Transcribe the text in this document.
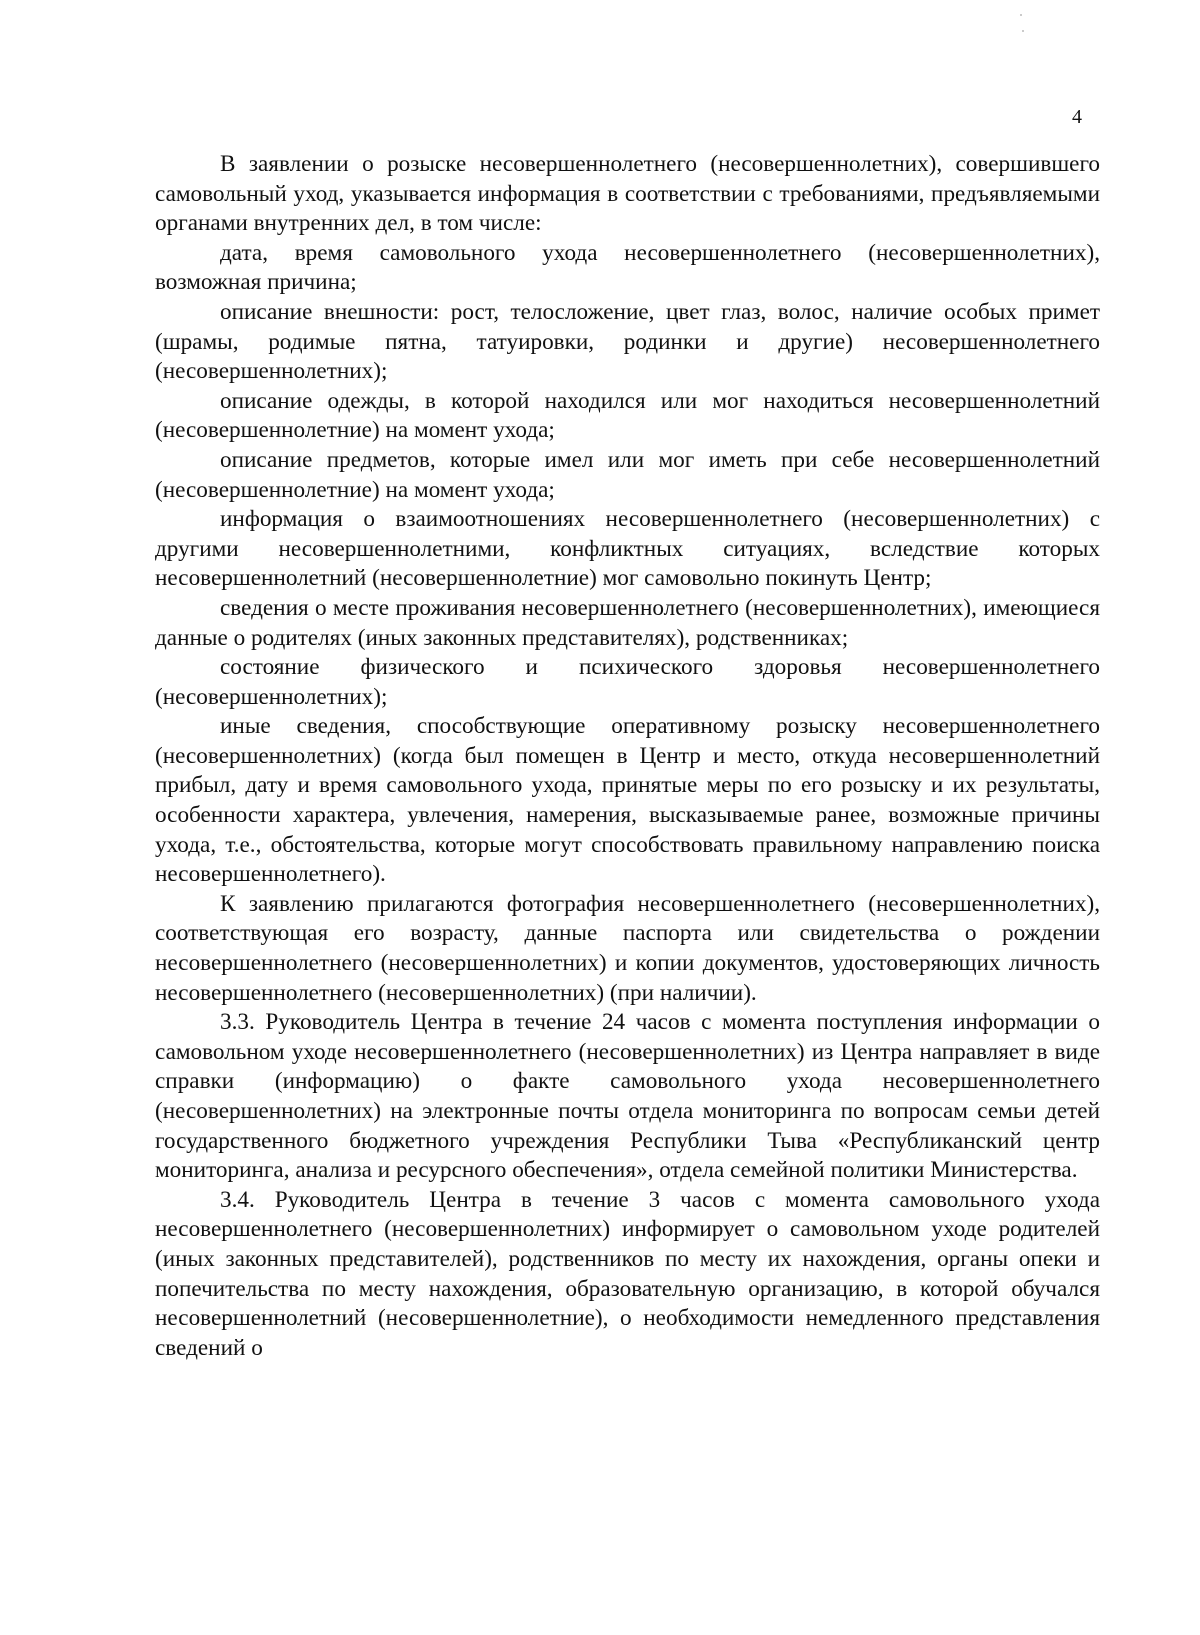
4

В заявлении о розыске несовершеннолетнего (несовершеннолетних), совершившего самовольный уход, указывается информация в соответствии с требованиями, предъявляемыми органами внутренних дел, в том числе:

дата, время самовольного ухода несовершеннолетнего (несовершеннолетних), возможная причина;

описание внешности: рост, телосложение, цвет глаз, волос, наличие особых примет (шрамы, родимые пятна, татуировки, родинки и другие) несовершеннолетнего (несовершеннолетних);

описание одежды, в которой находился или мог находиться несовершеннолетний (несовершеннолетние) на момент ухода;

описание предметов, которые имел или мог иметь при себе несовершеннолетний (несовершеннолетние) на момент ухода;

информация о взаимоотношениях несовершеннолетнего (несовершеннолетних) с другими несовершеннолетними, конфликтных ситуациях, вследствие которых несовершеннолетний (несовершеннолетние) мог самовольно покинуть Центр;

сведения о месте проживания несовершеннолетнего (несовершеннолетних), имеющиеся данные о родителях (иных законных представителях), родственниках;

состояние физического и психического здоровья несовершеннолетнего (несовершеннолетних);

иные сведения, способствующие оперативному розыску несовершеннолетнего (несовершеннолетних) (когда был помещен в Центр и место, откуда несовершеннолетний прибыл, дату и время самовольного ухода, принятые меры по его розыску и их результаты, особенности характера, увлечения, намерения, высказываемые ранее, возможные причины ухода, т.е., обстоятельства, которые могут способствовать правильному направлению поиска несовершеннолетнего).

К заявлению прилагаются фотография несовершеннолетнего (несовершеннолетних), соответствующая его возрасту, данные паспорта или свидетельства о рождении несовершеннолетнего (несовершеннолетних) и копии документов, удостоверяющих личность несовершеннолетнего (несовершеннолетних) (при наличии).

3.3. Руководитель Центра в течение 24 часов с момента поступления информации о самовольном уходе несовершеннолетнего (несовершеннолетних) из Центра направляет в виде справки (информацию) о факте самовольного ухода несовершеннолетнего (несовершеннолетних) на электронные почты отдела мониторинга по вопросам семьи детей государственного бюджетного учреждения Республики Тыва «Республиканский центр мониторинга, анализа и ресурсного обеспечения», отдела семейной политики Министерства.

3.4. Руководитель Центра в течение 3 часов с момента самовольного ухода несовершеннолетнего (несовершеннолетних) информирует о самовольном уходе родителей (иных законных представителей), родственников по месту их нахождения, органы опеки и попечительства по месту нахождения, образовательную организацию, в которой обучался несовершеннолетний (несовершеннолетние), о необходимости немедленного представления сведений о
